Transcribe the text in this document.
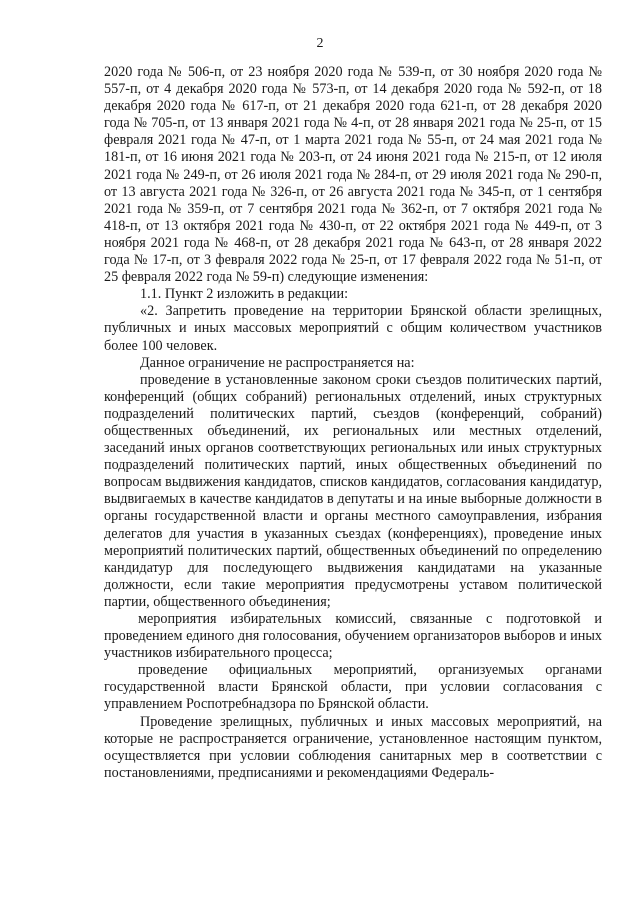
2

2020 года № 506-п, от 23 ноября 2020 года № 539-п, от 30 ноября 2020 года № 557-п, от 4 декабря 2020 года № 573-п, от 14 декабря 2020 года № 592-п, от 18 декабря 2020 года № 617-п, от 21 декабря 2020 года 621-п, от 28 декабря 2020 года № 705-п, от 13 января 2021 года № 4-п, от 28 января 2021 года № 25-п, от 15 февраля 2021 года № 47-п, от 1 марта 2021 года № 55-п, от 24 мая 2021 года № 181-п, от 16 июня 2021 года № 203-п, от 24 июня 2021 года № 215-п, от 12 июля 2021 года № 249-п, от 26 июля 2021 года № 284-п, от 29 июля 2021 года № 290-п, от 13 августа 2021 года № 326-п, от 26 августа 2021 года № 345-п, от 1 сентября 2021 года № 359-п, от 7 сентября 2021 года № 362-п, от 7 октября 2021 года № 418-п, от 13 октября 2021 года № 430-п, от 22 октября 2021 года № 449-п, от 3 ноября 2021 года № 468-п, от 28 декабря 2021 года № 643-п, от 28 января 2022 года № 17-п, от 3 февраля 2022 года № 25-п, от 17 февраля 2022 года № 51-п, от 25 февраля 2022 года № 59-п) следующие изменения:

1.1. Пункт 2 изложить в редакции:

«2. Запретить проведение на территории Брянской области зрелищных, публичных и иных массовых мероприятий с общим количеством участников более 100 человек.

Данное ограничение не распространяется на:

проведение в установленные законом сроки съездов политических партий, конференций (общих собраний) региональных отделений, иных структурных подразделений политических партий, съездов (конференций, собраний) общественных объединений, их региональных или местных отделений, заседаний иных органов соответствующих региональных или иных структурных подразделений политических партий, иных общественных объединений по вопросам выдвижения кандидатов, списков кандидатов, согласования кандидатур, выдвигаемых в качестве кандидатов в депутаты и на иные выборные должности в органы государственной власти и органы местного самоуправления, избрания делегатов для участия в указанных съездах (конференциях), проведение иных мероприятий политических партий, общественных объединений по определению кандидатур для последующего выдвижения кандидатами на указанные должности, если такие мероприятия предусмотрены уставом политической партии, общественного объединения;

мероприятия избирательных комиссий, связанные с подготовкой и проведением единого дня голосования, обучением организаторов выборов и иных участников избирательного процесса;

проведение официальных мероприятий, организуемых органами государственной власти Брянской области, при условии согласования с управлением Роспотребнадзора по Брянской области.

Проведение зрелищных, публичных и иных массовых мероприятий, на которые не распространяется ограничение, установленное настоящим пунктом, осуществляется при условии соблюдения санитарных мер в соответствии с постановлениями, предписаниями и рекомендациями Федераль-
